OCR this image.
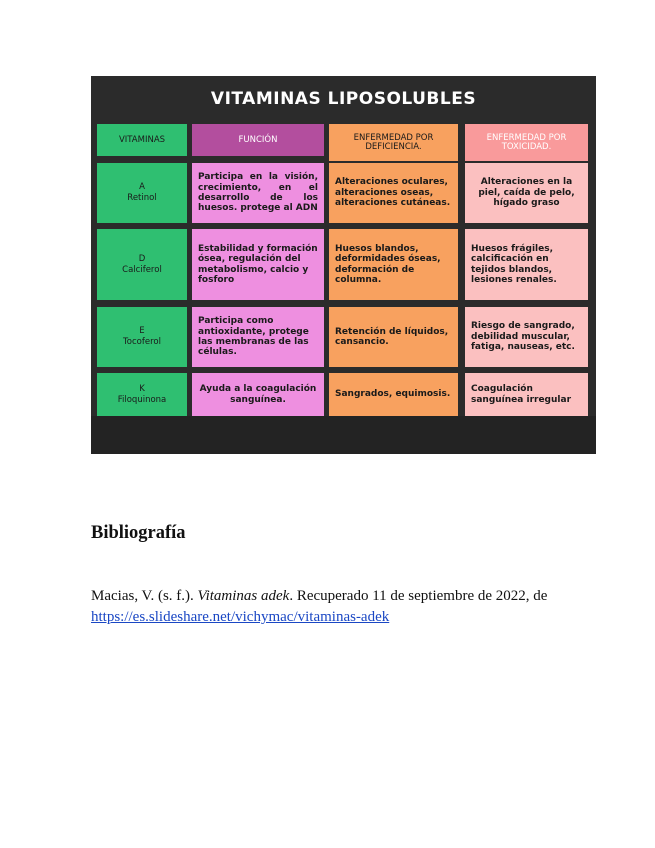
VITAMINAS LIPOSOLUBLES
VITAMINAS	FUNCIÓN	ENFERMEDAD POR DEFICIENCIA.
ENFERMEDAD POR TOXICIDAD.
A
Retinol
Participa en la visión, crecimiento, en el desarrollo de los huesos. protege al ADN
Alteraciones oculares, alteraciones oseas, alteraciones cutáneas.
Alteraciones en la piel, caída de pelo, hígado graso
D
Calciferol
Estabilidad y formación ósea, regulación del metabolismo, calcio y fosforo
Huesos blandos, deformidades óseas, deformación de columna.
Huesos frágiles, calcificación en tejidos blandos, lesiones renales.
E
Tocoferol
Participa como antioxidante, protege las membranas de las células.
Retención de líquidos, cansancio.
Riesgo de sangrado, debilidad muscular, fatiga, nauseas, etc.
K
Filoquinona
Ayuda a la coagulación sanguínea.
Sangrados, equimosis.
Coagulación sanguínea irregular
Bibliografía
Macias, V. (s. f.). Vitaminas adek. Recuperado 11 de septiembre de 2022, de
https://es.slideshare.net/vichymac/vitaminas-adek
